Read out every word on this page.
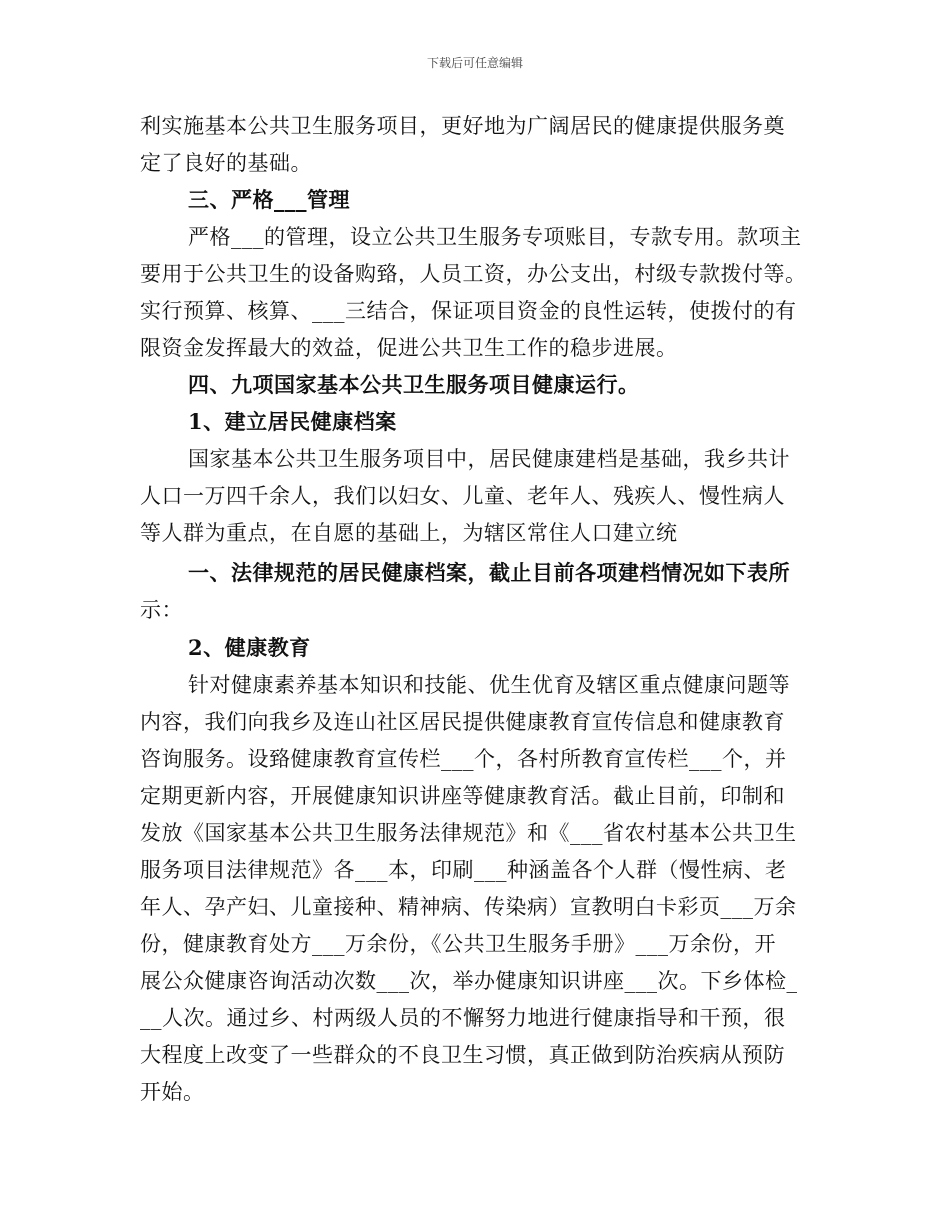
下载后可任意编辑
利实施基本公共卫生服务项目，更好地为广阔居民的健康提供服务奠
定了良好的基础。
三、严格___管理
严格___的管理，设立公共卫生服务专项账目，专款专用。款项主
要用于公共卫生的设备购臵，人员工资，办公支出，村级专款拨付等。
实行预算、核算、___三结合，保证项目资金的良性运转，使拨付的有
限资金发挥最大的效益，促进公共卫生工作的稳步进展。
四、九项国家基本公共卫生服务项目健康运行。
1、建立居民健康档案
国家基本公共卫生服务项目中，居民健康建档是基础，我乡共计
人口一万四千余人，我们以妇女、儿童、老年人、残疾人、慢性病人
等人群为重点，在自愿的基础上，为辖区常住人口建立统
一、法律规范的居民健康档案，截止目前各项建档情况如下表所
示：
2、健康教育
针对健康素养基本知识和技能、优生优育及辖区重点健康问题等
内容，我们向我乡及连山社区居民提供健康教育宣传信息和健康教育
咨询服务。设臵健康教育宣传栏___个，各村所教育宣传栏___个，并
定期更新内容，开展健康知识讲座等健康教育活。截止目前，印制和
发放《国家基本公共卫生服务法律规范》和《___省农村基本公共卫生
服务项目法律规范》各___本，印刷___种涵盖各个人群（慢性病、老
年人、孕产妇、儿童接种、精神病、传染病）宣教明白卡彩页___万余
份，健康教育处方___万余份，《公共卫生服务手册》___万余份，开
展公众健康咨询活动次数___次，举办健康知识讲座___次。下乡体检_
__人次。通过乡、村两级人员的不懈努力地进行健康指导和干预，很
大程度上改变了一些群众的不良卫生习惯，真正做到防治疾病从预防
开始。
